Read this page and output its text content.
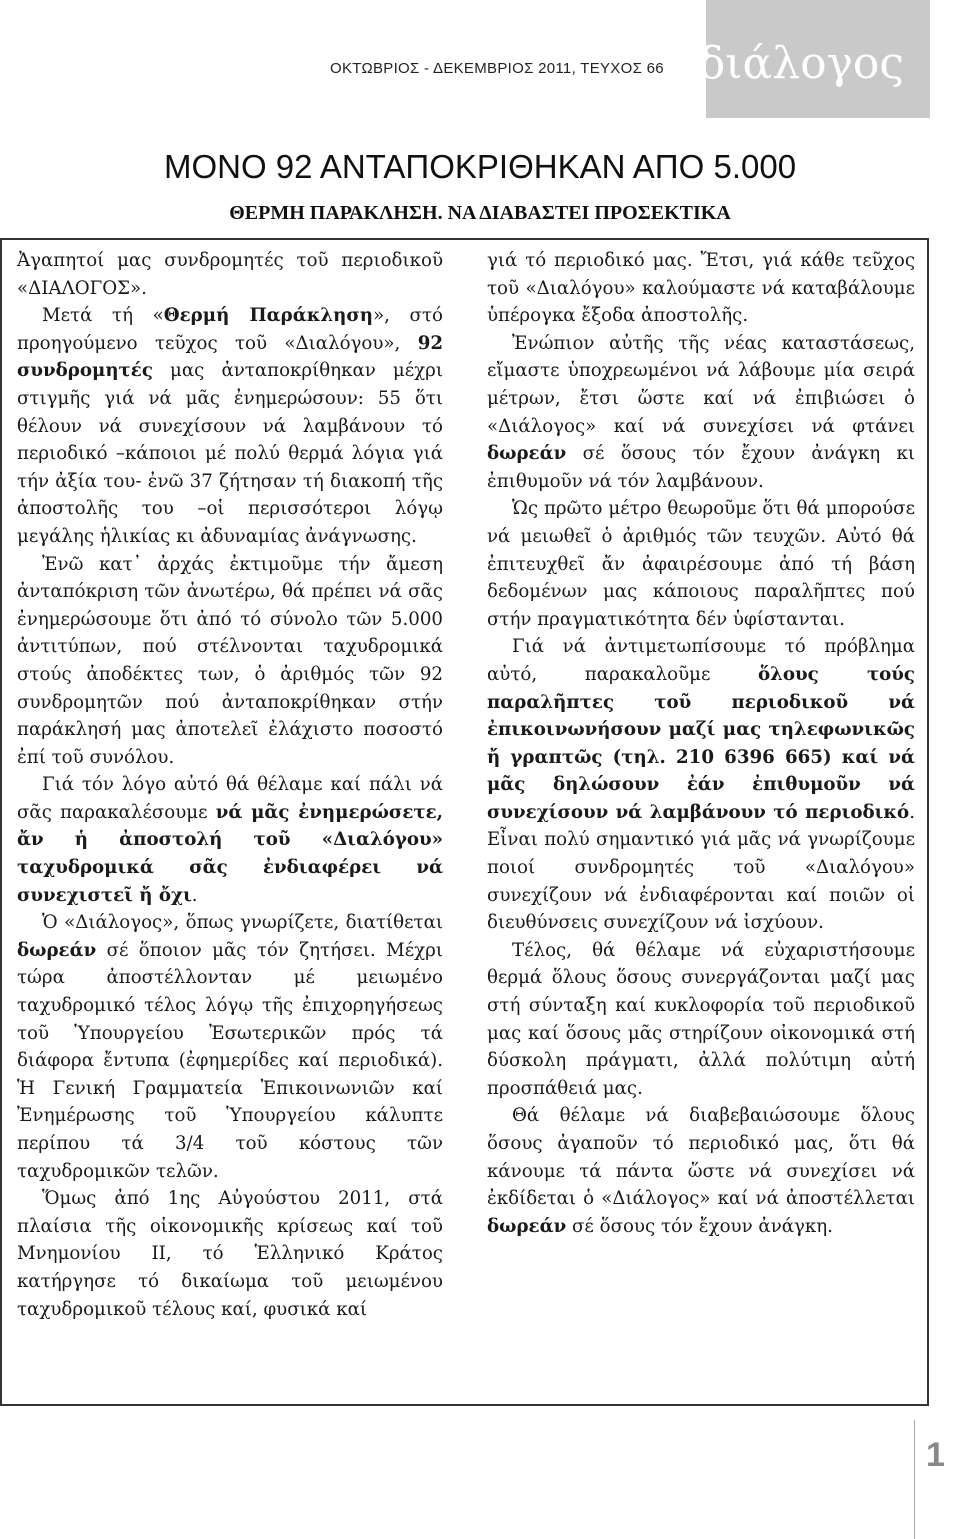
ΟΚΤΩΒΡΙΟΣ - ΔΕΚΕΜΒΡΙΟΣ 2011, ΤΕΥΧΟΣ 66 διάλογος
ΜΟΝΟ 92 ΑΝΤΑΠΟΚΡΙΘΗΚΑΝ ΑΠΟ 5.000
ΘΕΡΜΗ ΠΑΡΑΚΛΗΣΗ. ΝΑ ΔΙΑΒΑΣΤΕΙ ΠΡΟΣΕΚΤΙΚΑ

Ἀγαπητοί μας συνδρομητές τοῦ περιοδικοῦ «ΔΙΑΛΟΓΟΣ».

Μετά τή «Θερμή Παράκληση», στό προηγούμενο τεῦχος τοῦ «Διαλόγου», 92 συνδρομητές μας ἀνταποκρίθηκαν μέχρι στιγμῆς γιά νά μᾶς ἐνημερώσουν: 55 ὅτι θέλουν νά συνεχίσουν νά λαμβάνουν τό περιοδικό –κάποιοι μέ πολύ θερμά λόγια γιά τήν ἀξία του- ἐνῶ 37 ζήτησαν τή διακοπή τῆς ἀποστολῆς του –οἱ περισσότεροι λόγῳ μεγάλης ἡλικίας κι ἀδυναμίας ἀνάγνωσης.

Ἐνῶ κατ᾽ ἀρχάς ἐκτιμοῦμε τήν ἄμεση ἀνταπόκριση τῶν ἀνωτέρω, θά πρέπει νά σᾶς ἐνημερώσουμε ὅτι ἀπό τό σύνολο τῶν 5.000 ἀντιτύπων, πού στέλνονται ταχυδρομικά στούς ἀποδέκτες των, ὁ ἀριθμός τῶν 92 συνδρομητῶν πού ἀνταποκρίθηκαν στήν παράκλησή μας ἀποτελεῖ ἐλάχιστο ποσοστό ἐπί τοῦ συνόλου.

Γιά τόν λόγο αὐτό θά θέλαμε καί πάλι νά σᾶς παρακαλέσουμε νά μᾶς ἐνημερώσετε, ἄν ἡ ἀποστολή τοῦ «Διαλόγου» ταχυδρομικά σᾶς ἐνδιαφέρει νά συνεχιστεῖ ἤ ὄχι.

Ὁ «Διάλογος», ὅπως γνωρίζετε, διατίθεται δωρεάν σέ ὅποιον μᾶς τόν ζητήσει. Μέχρι τώρα ἀποστέλλονταν μέ μειωμένο ταχυδρομικό τέλος λόγῳ τῆς ἐπιχορηγήσεως τοῦ Ὑπουργείου Ἐσωτερικῶν πρός τά διάφορα ἔντυπα (ἐφημερίδες καί περιοδικά). Ἡ Γενική Γραμματεία Ἐπικοινωνιῶν καί Ἐνημέρωσης τοῦ Ὑπουργείου κάλυπτε περίπου τά 3/4 τοῦ κόστους τῶν ταχυδρομικῶν τελῶν.

Ὅμως ἀπό 1ης Αὐγούστου 2011, στά πλαίσια τῆς οἰκονομικῆς κρίσεως καί τοῦ Μνημονίου ΙΙ, τό Ἑλληνικό Κράτος κατήργησε τό δικαίωμα τοῦ μειωμένου ταχυδρομικοῦ τέλους καί, φυσικά καί

γιά τό περιοδικό μας. Ἔτσι, γιά κάθε τεῦχος τοῦ «Διαλόγου» καλούμαστε νά καταβάλουμε ὑπέρογκα ἔξοδα ἀποστολῆς.

Ἐνώπιον αὐτῆς τῆς νέας καταστάσεως, εἴμαστε ὑποχρεωμένοι νά λάβουμε μία σειρά μέτρων, ἔτσι ὥστε καί νά ἐπιβιώσει ὁ «Διάλογος» καί νά συνεχίσει νά φτάνει δωρεάν σέ ὅσους τόν ἔχουν ἀνάγκη κι ἐπιθυμοῦν νά τόν λαμβάνουν.

Ὡς πρῶτο μέτρο θεωροῦμε ὅτι θά μπορούσε νά μειωθεῖ ὁ ἀριθμός τῶν τευχῶν. Αὐτό θά ἐπιτευχθεῖ ἄν ἀφαιρέσουμε ἀπό τή βάση δεδομένων μας κάποιους παραλῆπτες πού στήν πραγματικότητα δέν ὑφίστανται.

Γιά νά ἀντιμετωπίσουμε τό πρόβλημα αὐτό, παρακαλοῦμε ὅλους τούς παραλῆπτες τοῦ περιοδικοῦ νά ἐπικοινωνήσουν μαζί μας τηλεφωνικῶς ἤ γραπτῶς (τηλ. 210 6396 665) καί νά μᾶς δηλώσουν ἐάν ἐπιθυμοῦν νά συνεχίσουν νά λαμβάνουν τό περιοδικό. Εἶναι πολύ σημαντικό γιά μᾶς νά γνωρίζουμε ποιοί συνδρομητές τοῦ «Διαλόγου» συνεχίζουν νά ἐνδιαφέρονται καί ποιῶν οἱ διευθύνσεις συνεχίζουν νά ἰσχύουν.

Τέλος, θά θέλαμε νά εὐχαριστήσουμε θερμά ὅλους ὅσους συνεργάζονται μαζί μας στή σύνταξη καί κυκλοφορία τοῦ περιοδικοῦ μας καί ὅσους μᾶς στηρίζουν οἰκονομικά στή δύσκολη πράγματι, ἀλλά πολύτιμη αὐτή προσπάθειά μας.

Θά θέλαμε νά διαβεβαιώσουμε ὅλους ὅσους ἀγαποῦν τό περιοδικό μας, ὅτι θά κάνουμε τά πάντα ὥστε νά συνεχίσει νά ἐκδίδεται ὁ «Διάλογος» καί νά ἀποστέλλεται δωρεάν σέ ὅσους τόν ἔχουν ἀνάγκη.

1
